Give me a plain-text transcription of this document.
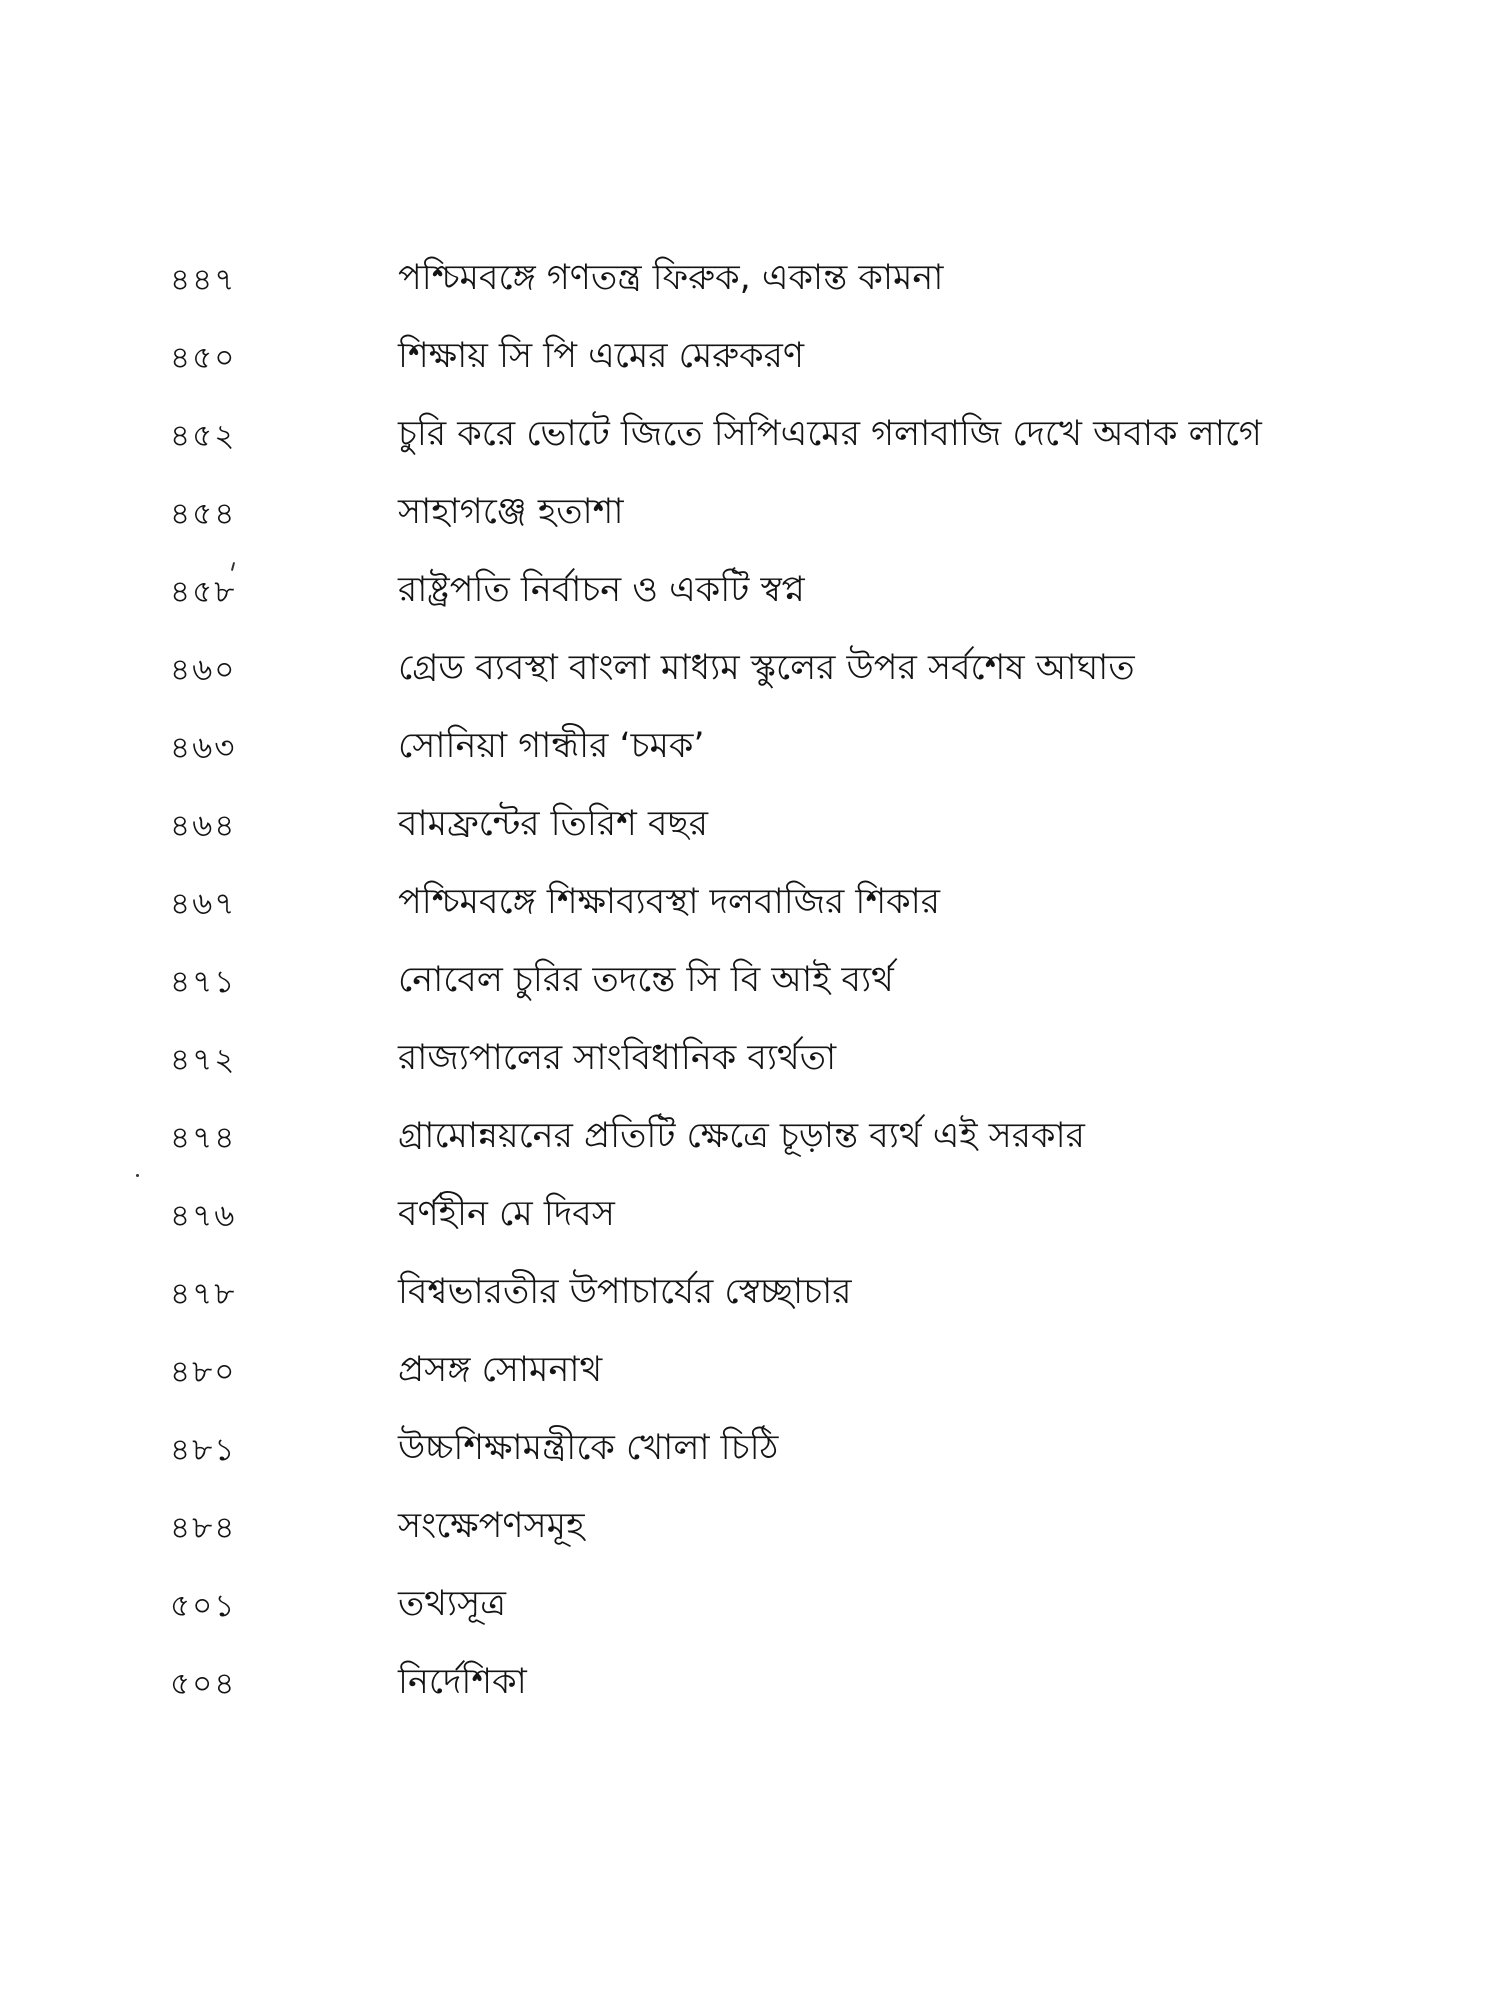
৪৪৭	পশ্চিমবঙ্গে গণতন্ত্র ফিরুক, একান্ত কামনা
৪৫০	শিক্ষায় সি পি এমের মেরুকরণ
৪৫২	চুরি করে ভোটে জিতে সিপিএমের গলাবাজি দেখে অবাক লাগে
৪৫৪	সাহাগঞ্জে হতাশা
৪৫৮	রাষ্ট্রপতি নির্বাচন ও একটি স্বপ্ন
৪৬০	গ্রেড ব্যবস্থা বাংলা মাধ্যম স্কুলের উপর সর্বশেষ আঘাত
৪৬৩	সোনিয়া গান্ধীর ‘চমক’
৪৬৪	বামফ্রন্টের তিরিশ বছর
৪৬৭	পশ্চিমবঙ্গে শিক্ষাব্যবস্থা দলবাজির শিকার
৪৭১	নোবেল চুরির তদন্তে সি বি আই ব্যর্থ
৪৭২	রাজ্যপালের সাংবিধানিক ব্যর্থতা
৪৭৪	গ্রামোন্নয়নের প্রতিটি ক্ষেত্রে চূড়ান্ত ব্যর্থ এই সরকার
৪৭৬	বর্ণহীন মে দিবস
৪৭৮	বিশ্বভারতীর উপাচার্যের স্বেচ্ছাচার
৪৮০	প্রসঙ্গ সোমনাথ
৪৮১	উচ্চশিক্ষামন্ত্রীকে খোলা চিঠি
৪৮৪	সংক্ষেপণসমূহ
৫০১	তথ্যসূত্র
৫০৪	নির্দেশিকা
